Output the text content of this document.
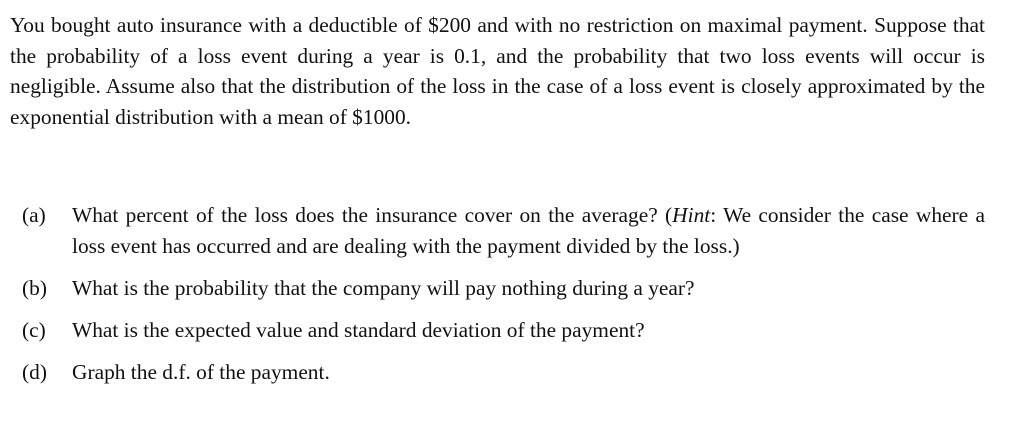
You bought auto insurance with a deductible of $200 and with no restriction on maximal payment. Suppose that the probability of a loss event during a year is 0.1, and the probability that two loss events will occur is negligible. Assume also that the distribution of the loss in the case of a loss event is closely approximated by the exponential distribution with a mean of $1000.

(a)	What percent of the loss does the insurance cover on the average? (Hint: We consider the case where a loss event has occurred and are dealing with the payment divided by the loss.)
(b)	What is the probability that the company will pay nothing during a year?
(c)	What is the expected value and standard deviation of the payment?
(d)	Graph the d.f. of the payment.
